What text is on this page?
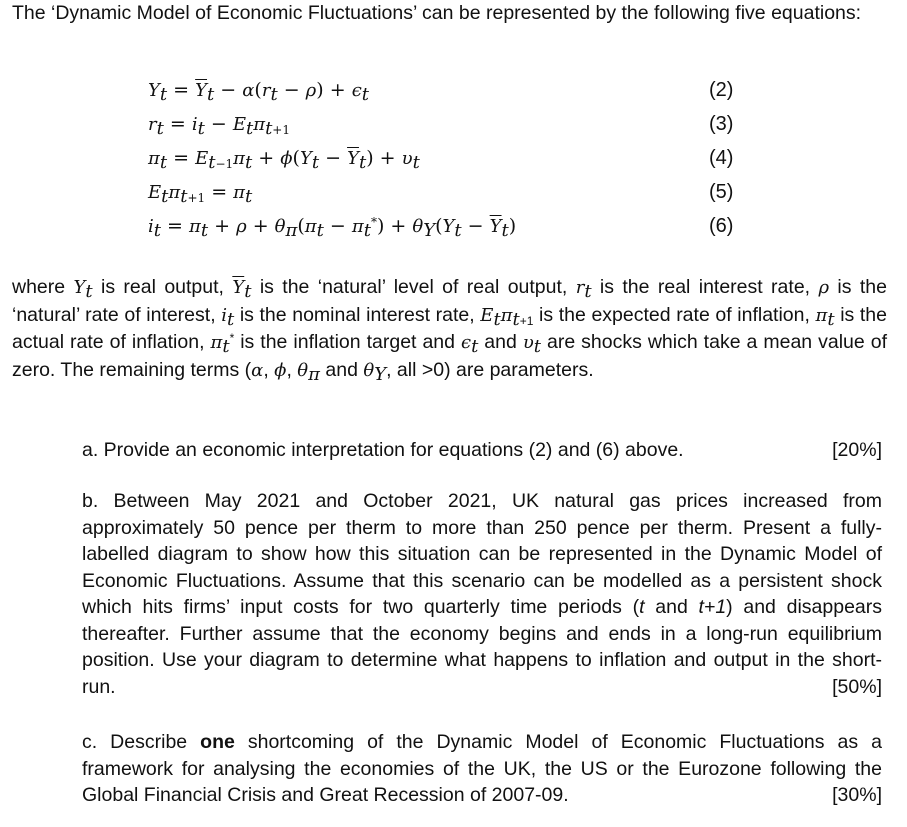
The ‘Dynamic Model of Economic Fluctuations’ can be represented by the following five equations:
$Y_t = \overline{Y}_t - \alpha(r_t - \rho) + \epsilon_t$	(2)
$r_t = i_t - E_t\pi_{t+1}$	(3)
$\pi_t = E_{t-1}\pi_t + \phi(Y_t - \overline{Y}_t) + \upsilon_t$	(4)
$E_t\pi_{t+1} = \pi_t$	(5)
$i_t = \pi_t + \rho + \theta_\pi(\pi_t - \pi_t^*) + \theta_Y(Y_t - \overline{Y}_t)$	(6)
where $Y_t$ is real output, $\overline{Y}_t$ is the ‘natural’ level of real output, $r_t$ is the real interest rate, ρ is the ‘natural’ rate of interest, $i_t$ is the nominal interest rate, $E_t\pi_{t+1}$ is the expected rate of inflation, $\pi_t$ is the actual rate of inflation, $\pi_t^*$ is the inflation target and $\epsilon_t$ and $\upsilon_t$ are shocks which take a mean value of zero. The remaining terms (α, ϕ, $\theta_\pi$ and $\theta_Y$, all >0) are parameters.
a. Provide an economic interpretation for equations (2) and (6) above.	[20%]
b. Between May 2021 and October 2021, UK natural gas prices increased from approximately 50 pence per therm to more than 250 pence per therm. Present a fully-labelled diagram to show how this situation can be represented in the Dynamic Model of Economic Fluctuations. Assume that this scenario can be modelled as a persistent shock which hits firms’ input costs for two quarterly time periods (t and t+1) and disappears thereafter. Further assume that the economy begins and ends in a long-run equilibrium position. Use your diagram to determine what happens to inflation and output in the short-run.	[50%]
c. Describe one shortcoming of the Dynamic Model of Economic Fluctuations as a framework for analysing the economies of the UK, the US or the Eurozone following the Global Financial Crisis and Great Recession of 2007-09.	[30%]
